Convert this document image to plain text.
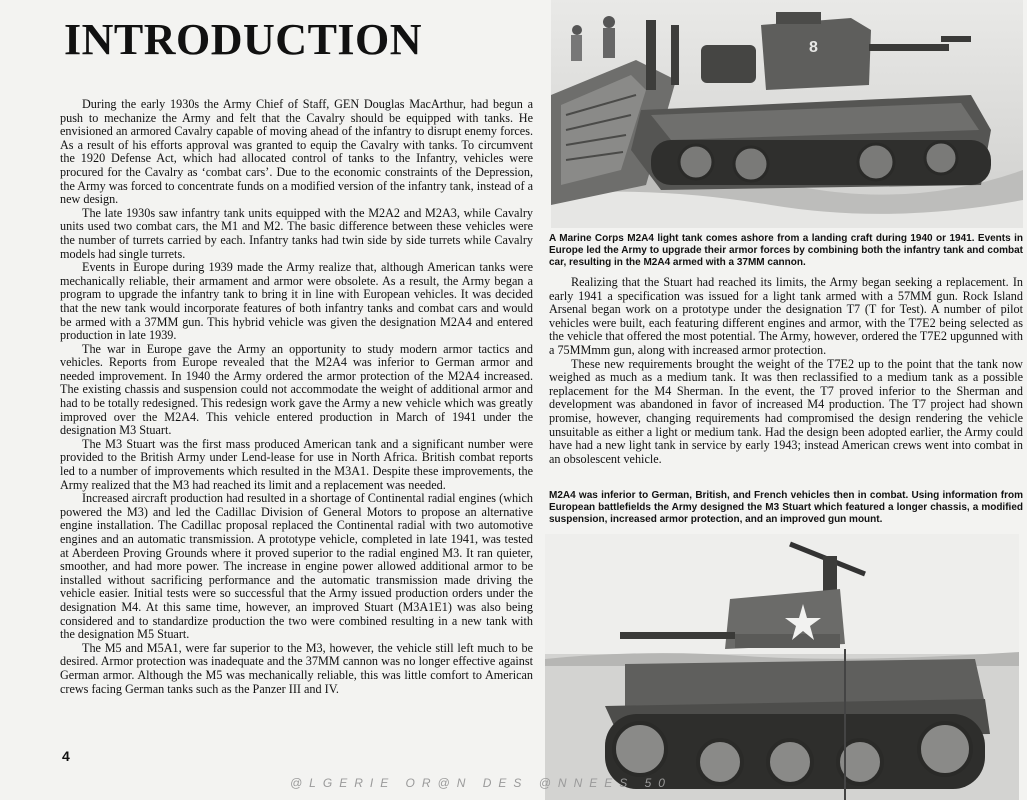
INTRODUCTION

During the early 1930s the Army Chief of Staff, GEN Douglas MacArthur, had begun a push to mechanize the Army and felt that the Cavalry should be equipped with tanks. He envisioned an armored Cavalry capable of moving ahead of the infantry to disrupt enemy forces. As a result of his efforts approval was granted to equip the Cavalry with tanks. To circumvent the 1920 Defense Act, which had allocated control of tanks to the Infantry, vehicles were procured for the Cavalry as ‘combat cars’. Due to the economic constraints of the Depression, the Army was forced to concentrate funds on a modified version of the infantry tank, instead of a new design.

The late 1930s saw infantry tank units equipped with the M2A2 and M2A3, while Cavalry units used two combat cars, the M1 and M2. The basic difference between these vehicles were the number of turrets carried by each. Infantry tanks had twin side by side turrets while Cavalry models had single turrets.

Events in Europe during 1939 made the Army realize that, although American tanks were mechanically reliable, their armament and armor were obsolete. As a result, the Army began a program to upgrade the infantry tank to bring it in line with European vehicles. It was decided that the new tank would incorporate features of both infantry tanks and combat cars and would be armed with a 37MM gun. This hybrid vehicle was given the designation M2A4 and entered production in late 1939.

The war in Europe gave the Army an opportunity to study modern armor tactics and vehicles. Reports from Europe revealed that the M2A4 was inferior to German armor and needed improvement. In 1940 the Army ordered the armor protection of the M2A4 increased. The existing chassis and suspension could not accommodate the weight of additional armor and had to be totally redesigned. This redesign work gave the Army a new vehicle which was greatly improved over the M2A4. This vehicle entered production in March of 1941 under the designation M3 Stuart.

The M3 Stuart was the first mass produced American tank and a significant number were provided to the British Army under Lend-lease for use in North Africa. British combat reports led to a number of improvements which resulted in the M3A1. Despite these improvements, the Army realized that the M3 had reached its limit and a replacement was needed.

Increased aircraft production had resulted in a shortage of Continental radial engines (which powered the M3) and led the Cadillac Division of General Motors to propose an alternative engine installation. The Cadillac proposal replaced the Continental radial with two automotive engines and an automatic transmission. A prototype vehicle, completed in late 1941, was tested at Aberdeen Proving Grounds where it proved superior to the radial engined M3. It ran quieter, smoother, and had more power. The increase in engine power allowed additional armor to be installed without sacrificing performance and the automatic transmission made driving the vehicle easier. Initial tests were so successful that the Army issued production orders under the designation M4. At this same time, however, an improved Stuart (M3A1E1) was also being considered and to standardize production the two were combined resulting in a new tank with the designation M5 Stuart.

The M5 and M5A1, were far superior to the M3, however, the vehicle still left much to be desired. Armor protection was inadequate and the 37MM cannon was no longer effective against German armor. Although the M5 was mechanically reliable, this was little comfort to American crews facing German tanks such as the Panzer III and IV.

8
A Marine Corps M2A4 light tank comes ashore from a landing craft during 1940 or 1941. Events in Europe led the Army to upgrade their armor forces by combining both the infantry tank and combat car, resulting in the M2A4 armed with a 37MM cannon.

Realizing that the Stuart had reached its limits, the Army began seeking a replacement. In early 1941 a specification was issued for a light tank armed with a 57MM gun. Rock Island Arsenal began work on a prototype under the designation T7 (T for Test). A number of pilot vehicles were built, each featuring different engines and armor, with the T7E2 being selected as the vehicle that offered the most potential. The Army, however, ordered the T7E2 upgunned with a 75MMmm gun, along with increased armor protection.

These new requirements brought the weight of the T7E2 up to the point that the tank now weighed as much as a medium tank. It was then reclassified to a medium tank as a possible replacement for the M4 Sherman. In the event, the T7 proved inferior to the Sherman and development was abandoned in favor of increased M4 production. The T7 project had shown promise, however, changing requirements had compromised the design rendering the vehicle unsuitable as either a light or medium tank. Had the design been adopted earlier, the Army could have had a new light tank in service by early 1943; instead American crews went into combat in an obsolescent vehicle.

M2A4 was inferior to German, British, and French vehicles then in combat. Using information from European battlefields the Army designed the M3 Stuart which featured a longer chassis, a modified suspension, increased armor protection, and an improved gun mount.
4
@LGERIE OR@N DES @NNEES 50
